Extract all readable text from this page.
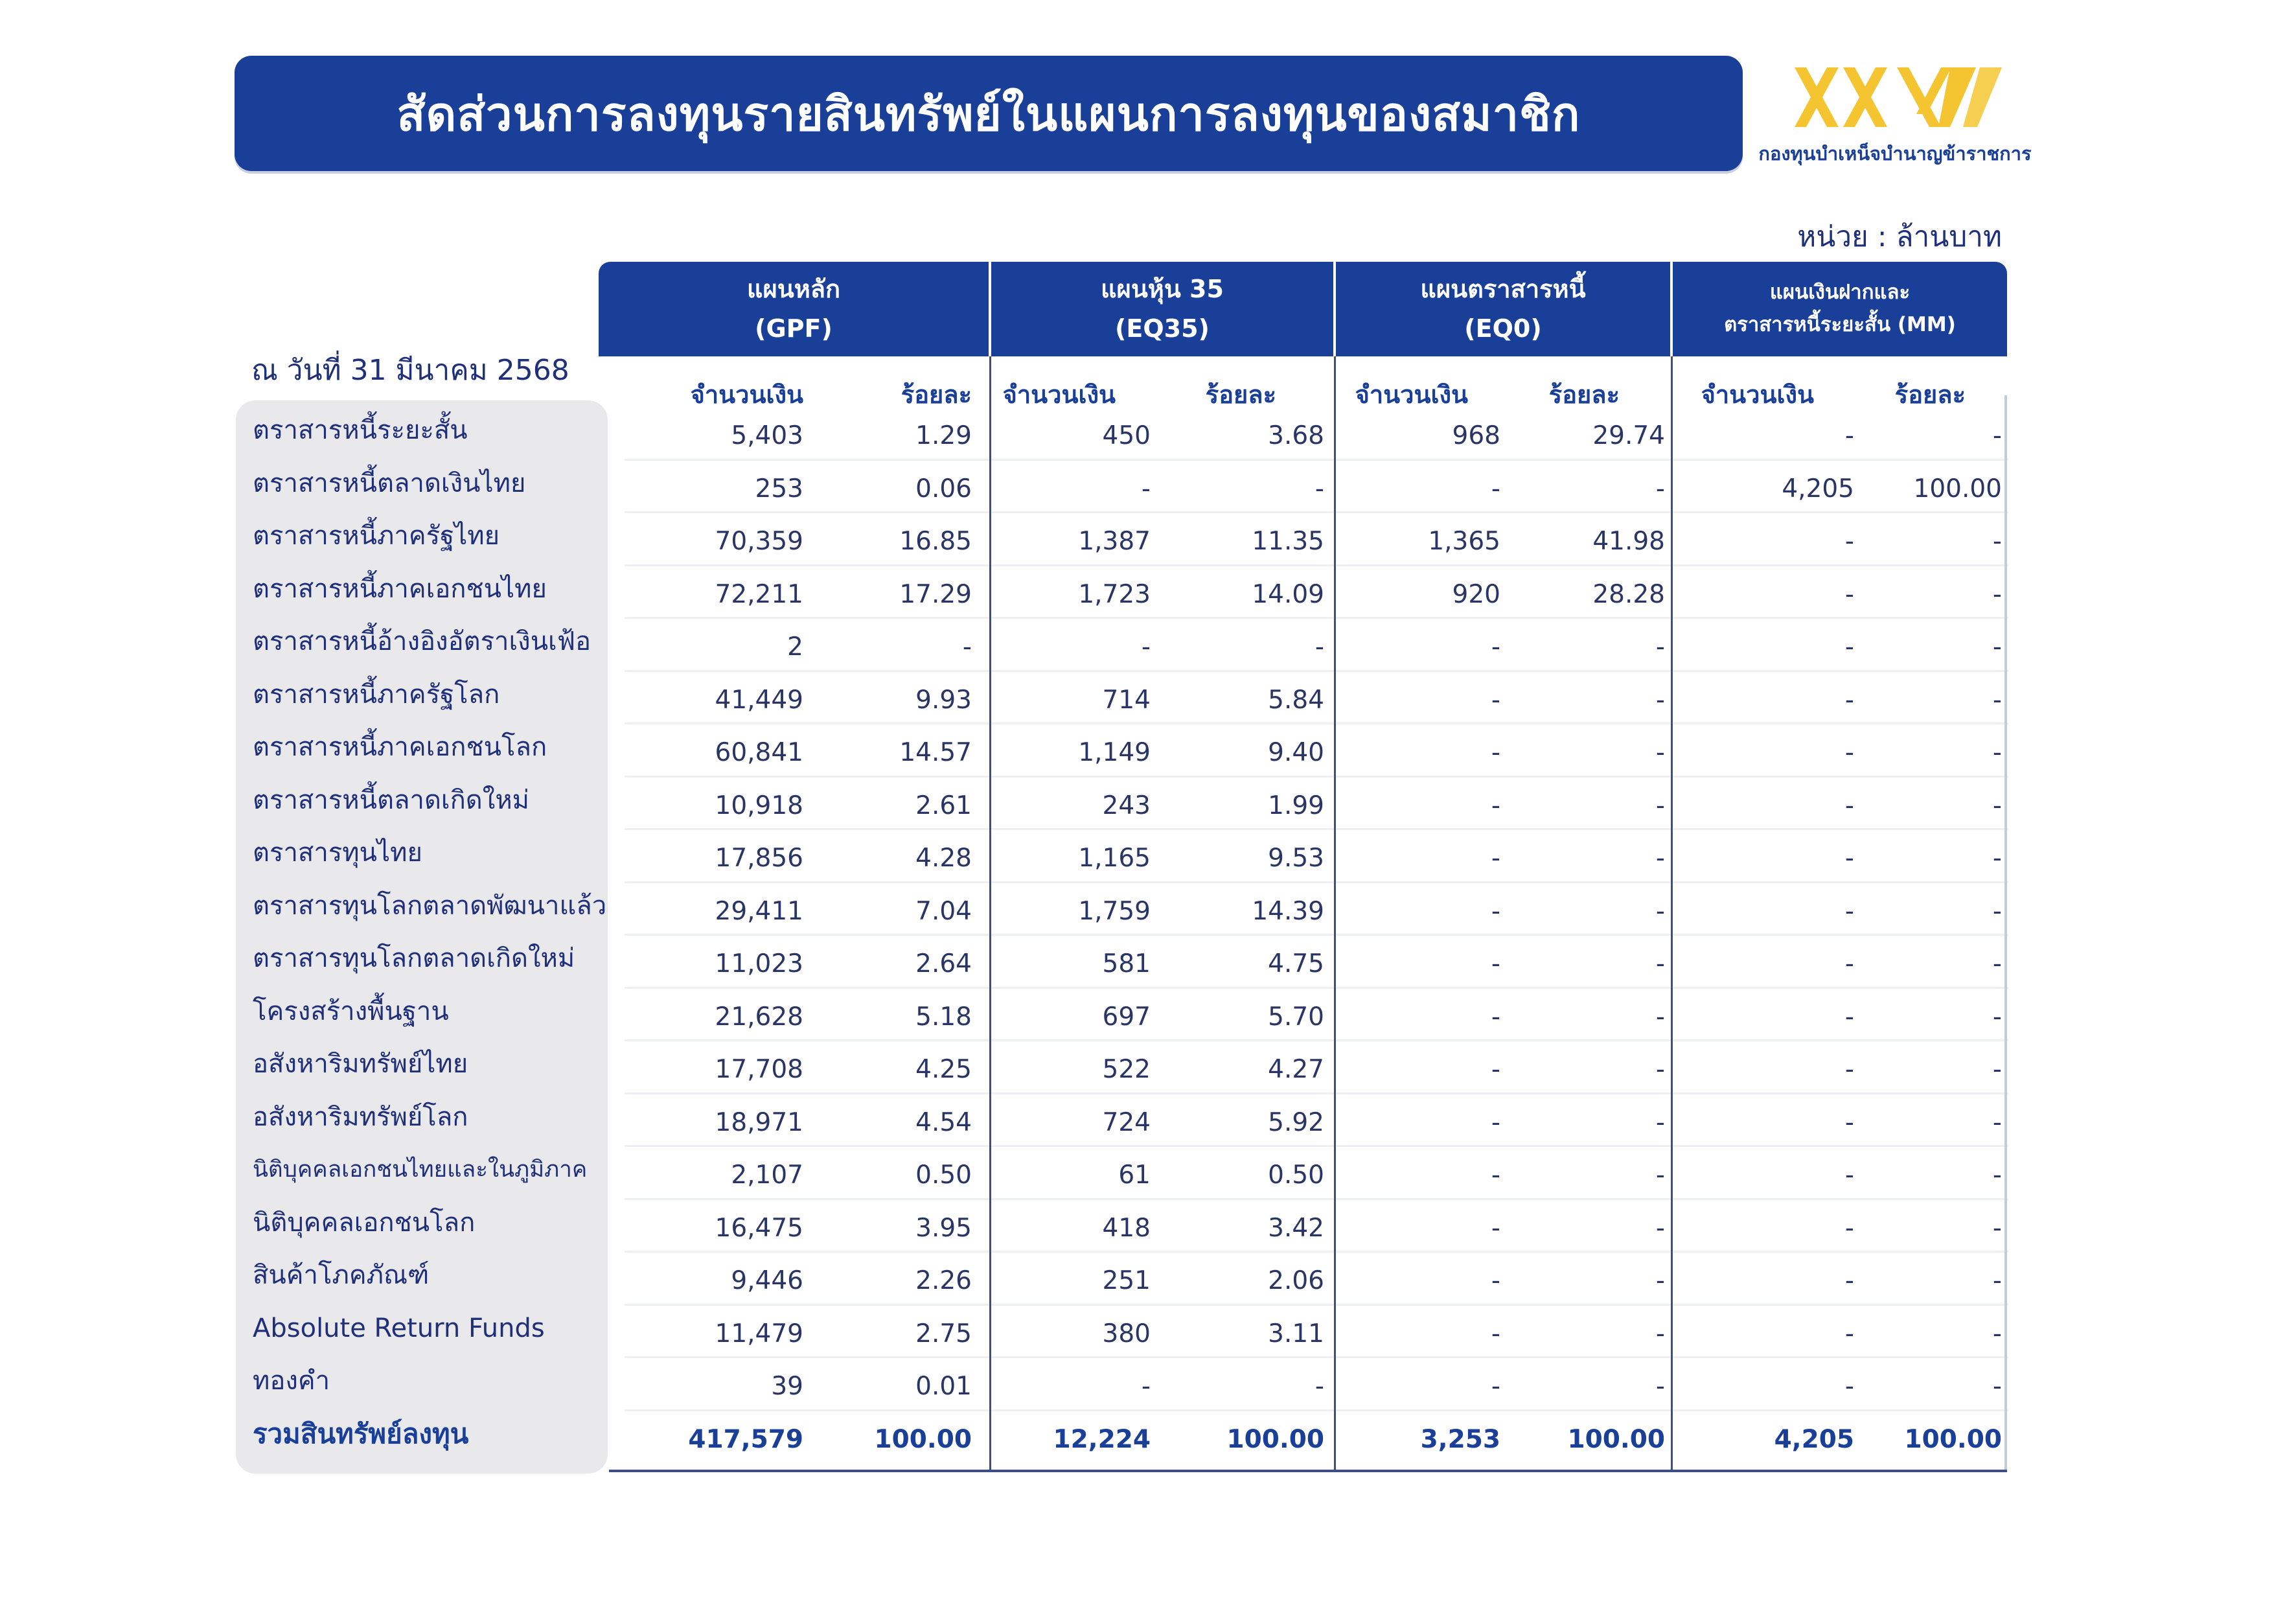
สัดส่วนการลงทุนรายสินทรัพย์ในแผนการลงทุนของสมาชิก
กองทุนบำเหน็จบำนาญข้าราชการ
หน่วย : ล้านบาท
ณ วันที่ 31 มีนาคม 2568
แผนหลัก
(GPF)
แผนหุ้น 35
(EQ35)
แผนตราสารหนี้
(EQ0)
แผนเงินฝากและ
ตราสารหนี้ระยะสั้น (MM)
จำนวนเงิน	ร้อยละ	จำนวนเงิน	ร้อยละ	จำนวนเงิน	ร้อยละ	จำนวนเงิน	ร้อยละ
ตราสารหนี้ระยะสั้น	5,403	1.29	450	3.68	968	29.74	-	-
ตราสารหนี้ตลาดเงินไทย	253	0.06	-	-	-	-	4,205	100.00
ตราสารหนี้ภาครัฐไทย	70,359	16.85	1,387	11.35	1,365	41.98	-	-
ตราสารหนี้ภาคเอกชนไทย	72,211	17.29	1,723	14.09	920	28.28	-	-
ตราสารหนี้อ้างอิงอัตราเงินเฟ้อ	2	-	-	-	-	-	-	-
ตราสารหนี้ภาครัฐโลก	41,449	9.93	714	5.84	-	-	-	-
ตราสารหนี้ภาคเอกชนโลก	60,841	14.57	1,149	9.40	-	-	-	-
ตราสารหนี้ตลาดเกิดใหม่	10,918	2.61	243	1.99	-	-	-	-
ตราสารทุนไทย	17,856	4.28	1,165	9.53	-	-	-	-
ตราสารทุนโลกตลาดพัฒนาแล้ว	29,411	7.04	1,759	14.39	-	-	-	-
ตราสารทุนโลกตลาดเกิดใหม่	11,023	2.64	581	4.75	-	-	-	-
โครงสร้างพื้นฐาน	21,628	5.18	697	5.70	-	-	-	-
อสังหาริมทรัพย์ไทย	17,708	4.25	522	4.27	-	-	-	-
อสังหาริมทรัพย์โลก	18,971	4.54	724	5.92	-	-	-	-
นิติบุคคลเอกชนไทยและในภูมิภาค	2,107	0.50	61	0.50	-	-	-	-
นิติบุคคลเอกชนโลก	16,475	3.95	418	3.42	-	-	-	-
สินค้าโภคภัณฑ์	9,446	2.26	251	2.06	-	-	-	-
Absolute Return Funds	11,479	2.75	380	3.11	-	-	-	-
ทองคำ	39	0.01	-	-	-	-	-	-
รวมสินทรัพย์ลงทุน	417,579	100.00	12,224	100.00	3,253	100.00	4,205	100.00
